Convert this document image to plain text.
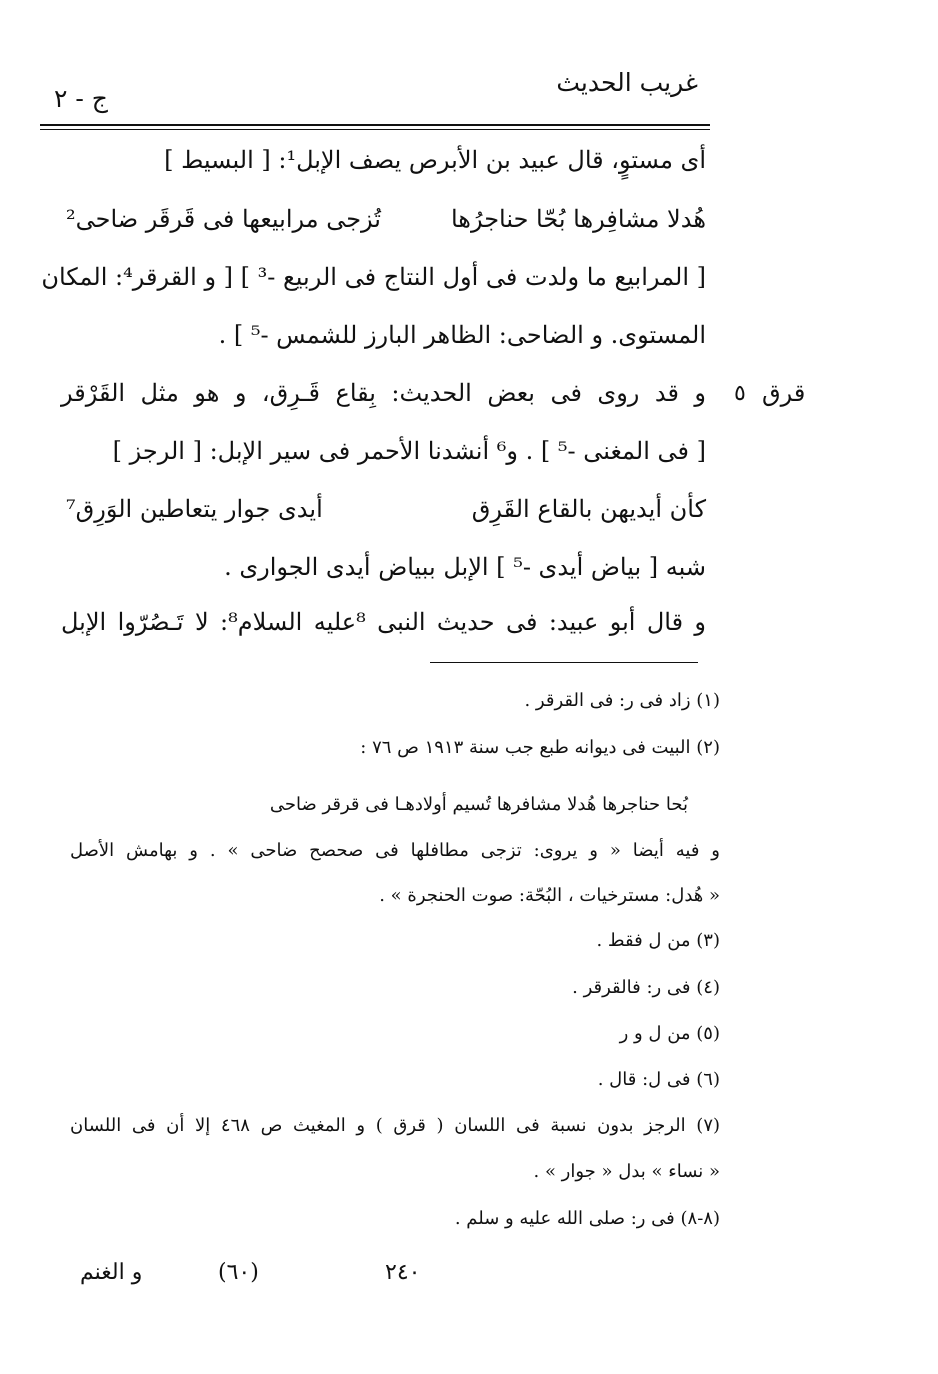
غريب الحديث
ج - ٢
أى مستوٍ، قال عبيد بن الأبرص يصف الإبل¹: [ البسيط ]
هُدلا مشافِرها بُحّا حناجرُها
تُزجى مرابيعها فى قَرقَر ضاحى²
[ المرابيع ما ولدت فى أول النتاج فى الربيع -³ ] [ و القرقر⁴: المكان
المستوى. و الضاحى: الظاهر البارز للشمس -⁵ ] .
قرق
٥
و قد روى فى بعض الحديث: بِقاع قَـرِق، و هو مثل القَرْقر
[ فى المغنى -⁵ ] . و⁶ أنشدنا الأحمر فى سير الإبل: [ الرجز ]
كأن أيديهن بالقاع القَرِق
أيدى جوار يتعاطين الوَرِق⁷
شبه [ بياض أيدى -⁵ ] الإبل ببياض أيدى الجوارى .
و قال أبو عبيد: فى حديث النبى ⁸عليه السلام⁸: لا تَـصُرّوا الإبل
(١) زاد فى ر: فى القرقر .
(٢) البيت فى ديوانه طبع جب سنة ١٩١٣ ص ٧٦ :
بُحا حناجرها هُدلا مشافرها تُسيم أولادهـا فى قرقر ضاحى
و فيه أيضا « و يروى: تزجى مطافلها فى صحصح ضاحى » . و بهامش الأصل
« هُدل: مسترخيات ، البُحّة: صوت الحنجرة » .
(٣) من ل فقط .
(٤) فى ر: فالقرقر .
(٥) من ل و ر
(٦) فى ل: قال .
(٧) الرجز بدون نسبة فى اللسان ( قرق ) و المغيث ص ٤٦٨ إلا أن فى اللسان
« نساء » بدل « جوار » .
(٨-٨) فى ر: صلى الله عليه و سلم .
٢٤٠
(٦٠)
و الغنم
